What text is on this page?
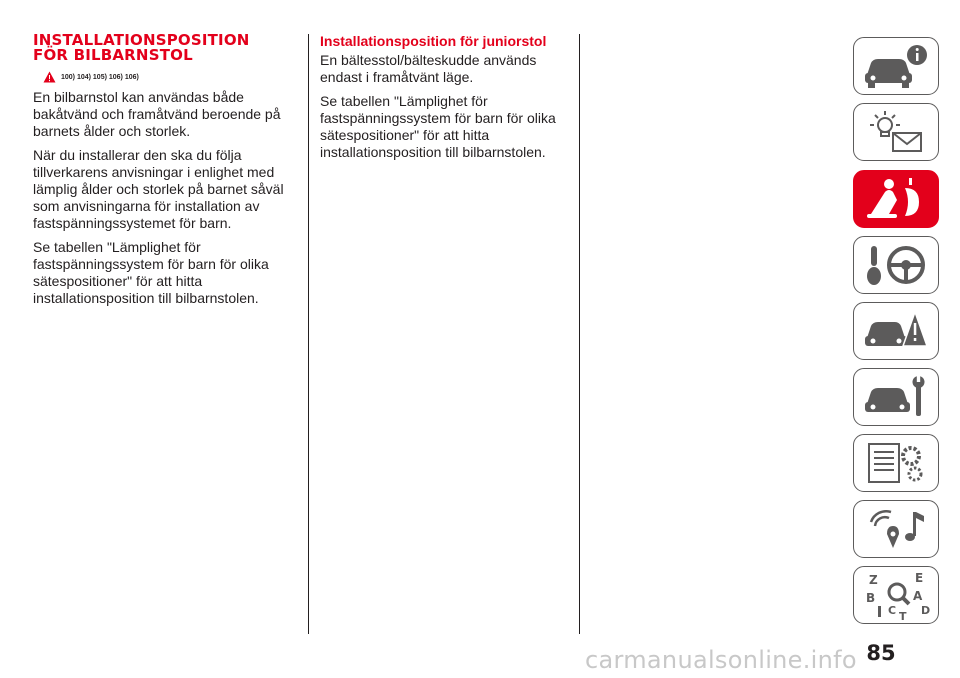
INSTALLATIONSPOSITION
FÖR BILBARNSTOL
100) 104) 105) 106) 106)

En bilbarnstol kan användas både bakåtvänd och framåtvänd beroende på barnets ålder och storlek.

När du installerar den ska du följa tillverkarens anvisningar i enlighet med lämplig ålder och storlek på barnet såväl som anvisningarna för installation av fastspänningssystemet för barn.

Se tabellen "Lämplighet för fastspänningssystem för barn för olika sätespositioner" för att hitta installationsposition till bilbarnstolen.

Installationsposition för juniorstol

En bältesstol/bälteskudde används endast i framåtvänt läge.

Se tabellen "Lämplighet för fastspänningssystem för barn för olika sätespositioner" för att hitta installationsposition till bilbarnstolen.

Z	E
B	A
C D
T
85
carmanualsonline.info
